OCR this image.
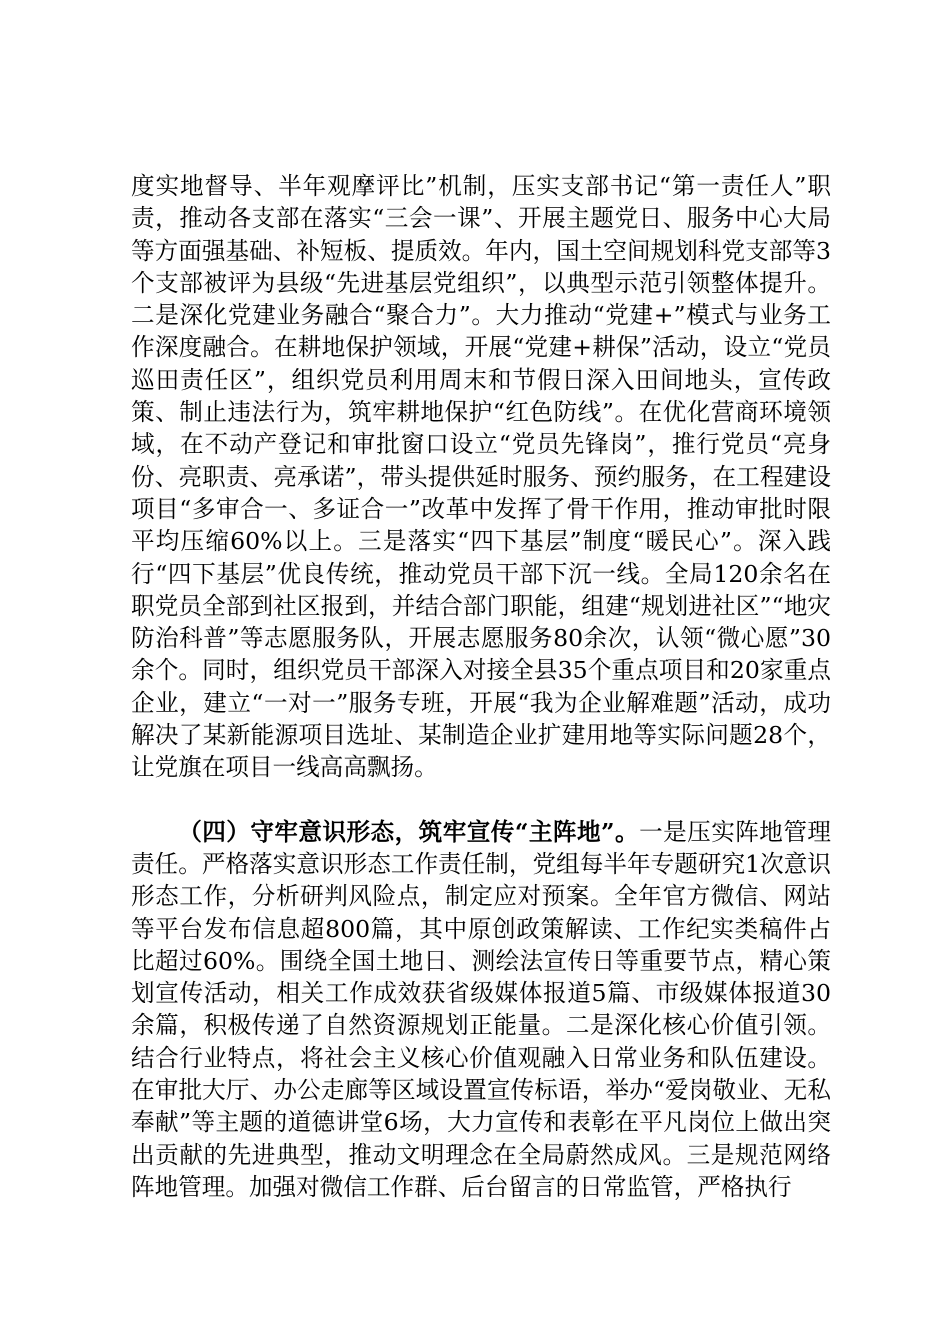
度实地督导、半年观摩评比”机制，压实支部书记“第一责任人”职责，推动各支部在落实“三会一课”、开展主题党日、服务中心大局等方面强基础、补短板、提质效。年内，国土空间规划科党支部等3个支部被评为县级“先进基层党组织”，以典型示范引领整体提升。二是深化党建业务融合“聚合力”。大力推动“党建+”模式与业务工作深度融合。在耕地保护领域，开展“党建+耕保”活动，设立“党员巡田责任区”，组织党员利用周末和节假日深入田间地头，宣传政策、制止违法行为，筑牢耕地保护“红色防线”。在优化营商环境领域，在不动产登记和审批窗口设立“党员先锋岗”，推行党员“亮身份、亮职责、亮承诺”，带头提供延时服务、预约服务，在工程建设项目“多审合一、多证合一”改革中发挥了骨干作用，推动审批时限平均压缩60%以上。三是落实“四下基层”制度“暖民心”。深入践行“四下基层”优良传统，推动党员干部下沉一线。全局120余名在职党员全部到社区报到，并结合部门职能，组建“规划进社区”“地灾防治科普”等志愿服务队，开展志愿服务80余次，认领“微心愿”30余个。同时，组织党员干部深入对接全县35个重点项目和20家重点企业，建立“一对一”服务专班，开展“我为企业解难题”活动，成功解决了某新能源项目选址、某制造企业扩建用地等实际问题28个，让党旗在项目一线高高飘扬。

（四）守牢意识形态，筑牢宣传“主阵地”。一是压实阵地管理责任。严格落实意识形态工作责任制，党组每半年专题研究1次意识形态工作，分析研判风险点，制定应对预案。全年官方微信、网站等平台发布信息超800篇，其中原创政策解读、工作纪实类稿件占比超过60%。围绕全国土地日、测绘法宣传日等重要节点，精心策划宣传活动，相关工作成效获省级媒体报道5篇、市级媒体报道30余篇，积极传递了自然资源规划正能量。二是深化核心价值引领。结合行业特点，将社会主义核心价值观融入日常业务和队伍建设。在审批大厅、办公走廊等区域设置宣传标语，举办“爱岗敬业、无私奉献”等主题的道德讲堂6场，大力宣传和表彰在平凡岗位上做出突出贡献的先进典型，推动文明理念在全局蔚然成风。三是规范网络阵地管理。加强对微信工作群、后台留言的日常监管，严格执行
